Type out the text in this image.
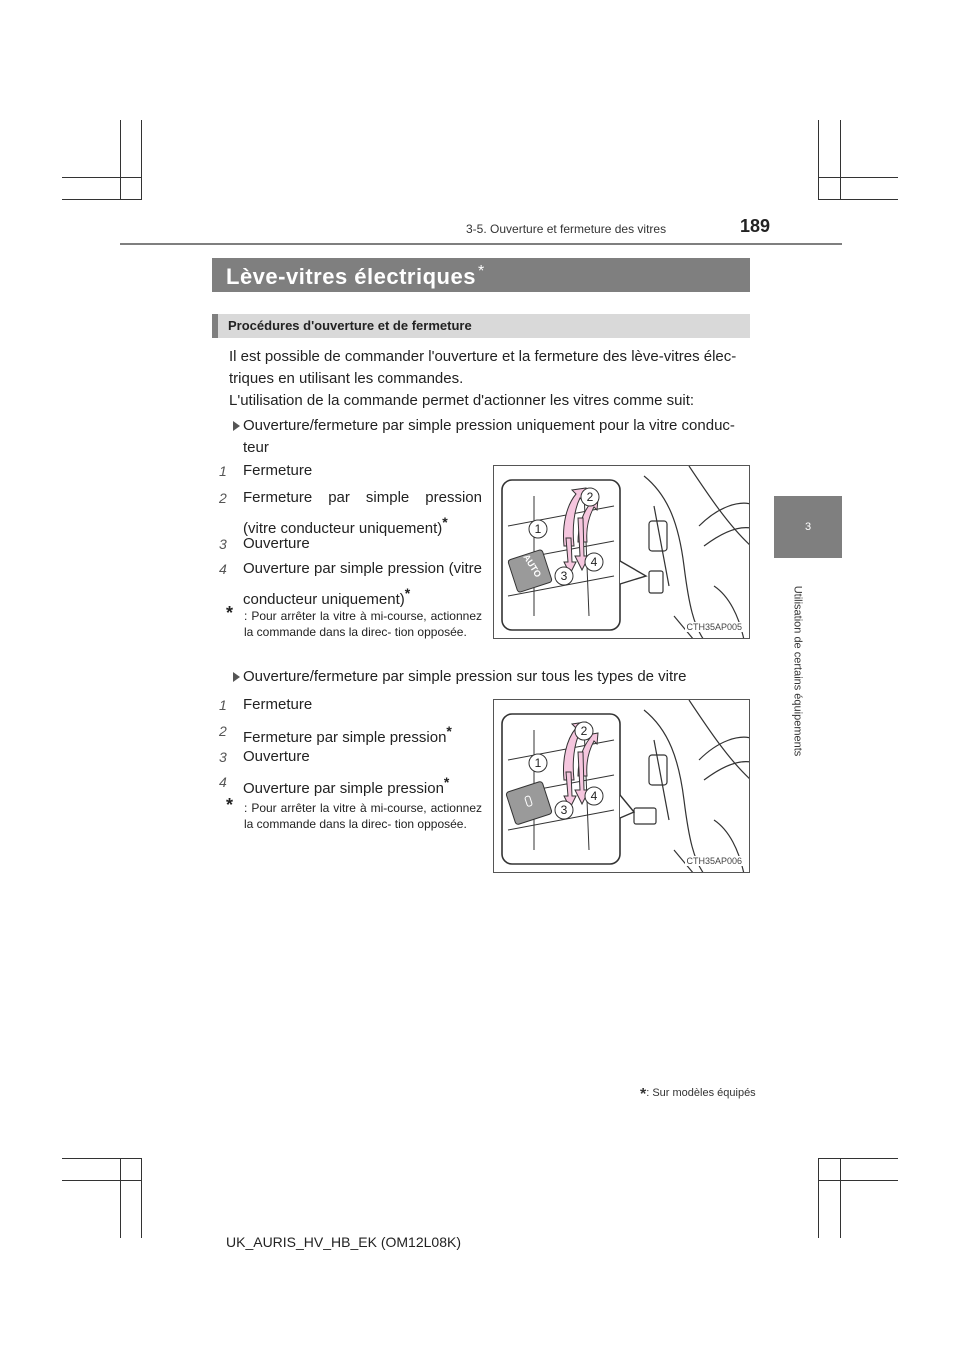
3-5. Ouverture et fermeture des vitres	189
3
Utilisation de certains équipements
Lève-vitres électriques *
Procédures d'ouverture et de fermeture
Il est possible de commander l'ouverture et la fermeture des lève-vitres élec-
triques en utilisant les commandes.
L'utilisation de la commande permet d'actionner les vitres comme suit:
Ouverture/fermeture par simple pression uniquement pour la vitre conduc-
teur
1	Fermeture
2	Fermeture par simple pression (vitre conducteur uniquement)*
3	Ouverture
4	Ouverture par simple pression (vitre conducteur uniquement)*
* : Pour arrêter la vitre à mi-course, actionnez la commande dans la direc- tion opposée.
AUTO
1
2
3
4
CTH35AP005
Ouverture/fermeture par simple pression sur tous les types de vitre
1	Fermeture
2	Fermeture par simple pression*
3	Ouverture
4	Ouverture par simple pression*
* : Pour arrêter la vitre à mi-course, actionnez la commande dans la direc- tion opposée.
1
2
3
4
CTH35AP006
*: Sur modèles équipés
UK_AURIS_HV_HB_EK (OM12L08K)
